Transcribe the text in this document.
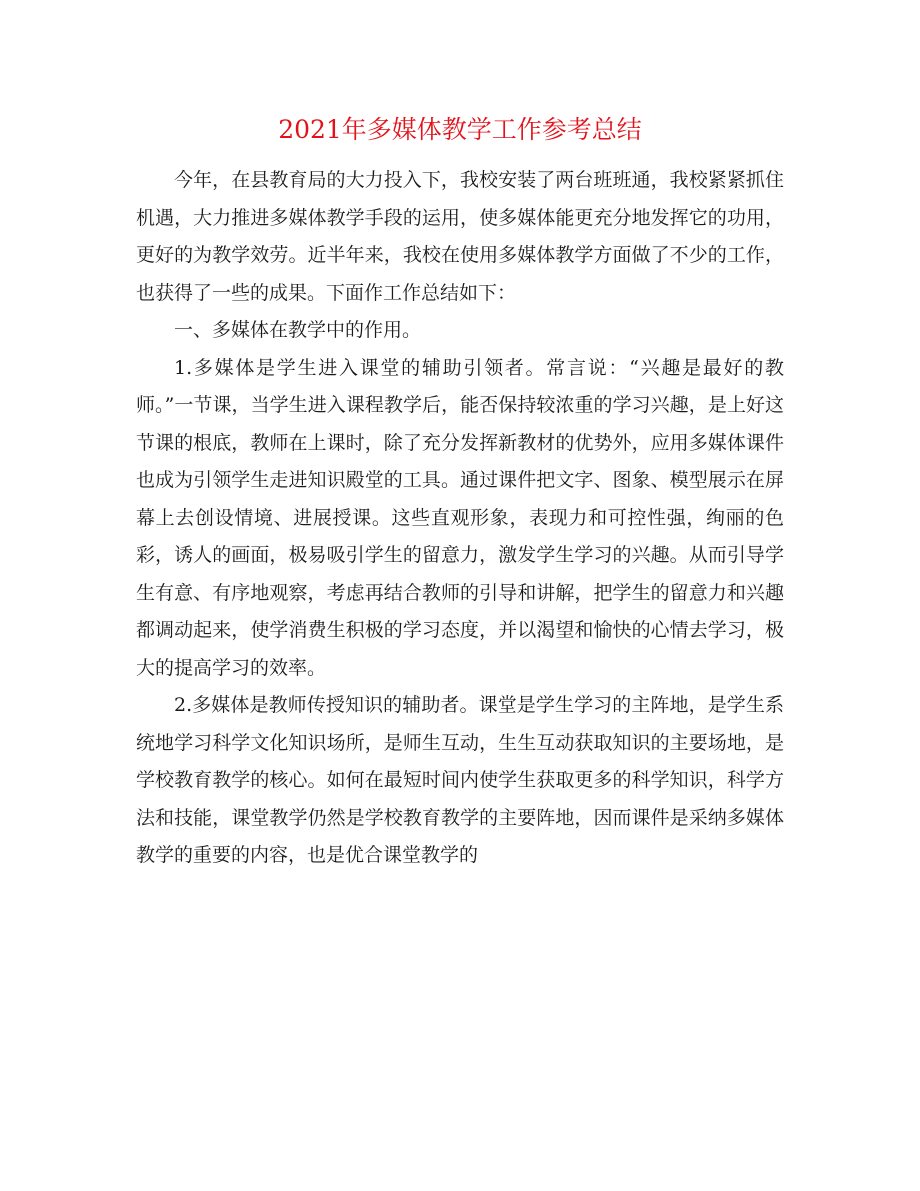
2021年多媒体教学工作参考总结

今年，在县教育局的大力投入下，我校安装了两台班班通，我校紧紧抓住机遇，大力推进多媒体教学手段的运用，使多媒体能更充分地发挥它的功用，更好的为教学效劳。近半年来，我校在使用多媒体教学方面做了不少的工作，也获得了一些的成果。下面作工作总结如下：

一、多媒体在教学中的作用。

1.多媒体是学生进入课堂的辅助引领者。常言说：“兴趣是最好的教师。”一节课，当学生进入课程教学后，能否保持较浓重的学习兴趣，是上好这节课的根底，教师在上课时，除了充分发挥新教材的优势外，应用多媒体课件也成为引领学生走进知识殿堂的工具。通过课件把文字、图象、模型展示在屏幕上去创设情境、进展授课。这些直观形象，表现力和可控性强，绚丽的色彩，诱人的画面，极易吸引学生的留意力，激发学生学习的兴趣。从而引导学生有意、有序地观察，考虑再结合教师的引导和讲解，把学生的留意力和兴趣都调动起来，使学消费生积极的学习态度，并以渴望和愉快的心情去学习，极大的提高学习的效率。

2.多媒体是教师传授知识的辅助者。课堂是学生学习的主阵地，是学生系统地学习科学文化知识场所，是师生互动，生生互动获取知识的主要场地，是学校教育教学的核心。如何在最短时间内使学生获取更多的科学知识，科学方法和技能，课堂教学仍然是学校教育教学的主要阵地，因而课件是采纳多媒体教学的重要的内容，也是优合课堂教学的
